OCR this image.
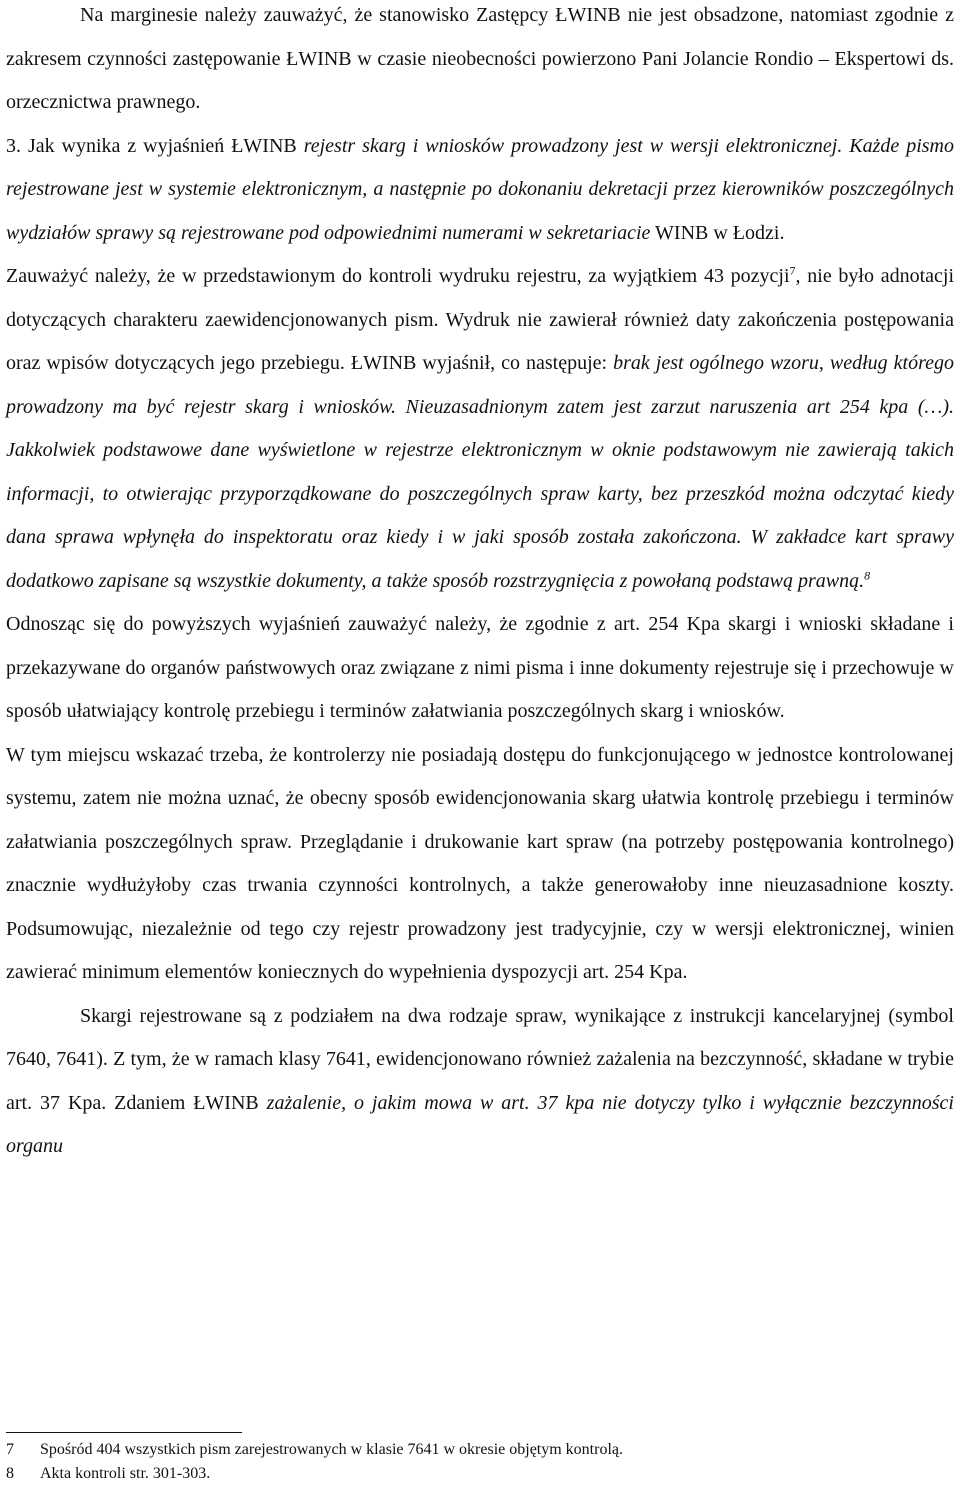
Na marginesie należy zauważyć, że stanowisko Zastępcy ŁWINB nie jest obsadzone, natomiast zgodnie z zakresem czynności zastępowanie ŁWINB w czasie nieobecności powierzono Pani Jolancie Rondio – Ekspertowi ds. orzecznictwa prawnego.

3. Jak wynika z wyjaśnień ŁWINB rejestr skarg i wniosków prowadzony jest w wersji elektronicznej. Każde pismo rejestrowane jest w systemie elektronicznym, a następnie po dokonaniu dekretacji przez kierowników poszczególnych wydziałów sprawy są rejestrowane pod odpowiednimi numerami w sekretariacie WINB w Łodzi.

Zauważyć należy, że w przedstawionym do kontroli wydruku rejestru, za wyjątkiem 43 pozycji$^7$, nie było adnotacji dotyczących charakteru zaewidencjonowanych pism. Wydruk nie zawierał również daty zakończenia postępowania oraz wpisów dotyczących jego przebiegu. ŁWINB wyjaśnił, co następuje: brak jest ogólnego wzoru, według którego prowadzony ma być rejestr skarg i wniosków. Nieuzasadnionym zatem jest zarzut naruszenia art 254 kpa (…). Jakkolwiek podstawowe dane wyświetlone w rejestrze elektronicznym w oknie podstawowym nie zawierają takich informacji, to otwierając przyporządkowane do poszczególnych spraw karty, bez przeszkód można odczytać kiedy dana sprawa wpłynęła do inspektoratu oraz kiedy i w jaki sposób została zakończona. W zakładce kart sprawy dodatkowo zapisane są wszystkie dokumenty, a także sposób rozstrzygnięcia z powołaną podstawą prawną.$^8$

Odnosząc się do powyższych wyjaśnień zauważyć należy, że zgodnie z art. 254 Kpa skargi i wnioski składane i przekazywane do organów państwowych oraz związane z nimi pisma i inne dokumenty rejestruje się i przechowuje w sposób ułatwiający kontrolę przebiegu i terminów załatwiania poszczególnych skarg i wniosków.

W tym miejscu wskazać trzeba, że kontrolerzy nie posiadają dostępu do funkcjonującego w jednostce kontrolowanej systemu, zatem nie można uznać, że obecny sposób ewidencjonowania skarg ułatwia kontrolę przebiegu i terminów załatwiania poszczególnych spraw. Przeglądanie i drukowanie kart spraw (na potrzeby postępowania kontrolnego) znacznie wydłużyłoby czas trwania czynności kontrolnych, a także generowałoby inne nieuzasadnione koszty. Podsumowując, niezależnie od tego czy rejestr prowadzony jest tradycyjnie, czy w wersji elektronicznej, winien zawierać minimum elementów koniecznych do wypełnienia dyspozycji art. 254 Kpa.

Skargi rejestrowane są z podziałem na dwa rodzaje spraw, wynikające z instrukcji kancelaryjnej (symbol 7640, 7641). Z tym, że w ramach klasy 7641, ewidencjonowano również zażalenia na bezczynność, składane w trybie art. 37 Kpa. Zdaniem ŁWINB zażalenie, o jakim mowa w art. 37 kpa nie dotyczy tylko i wyłącznie bezczynności organu

7	Spośród 404 wszystkich pism zarejestrowanych w klasie 7641 w okresie objętym kontrolą.

8	Akta kontroli str. 301-303.
